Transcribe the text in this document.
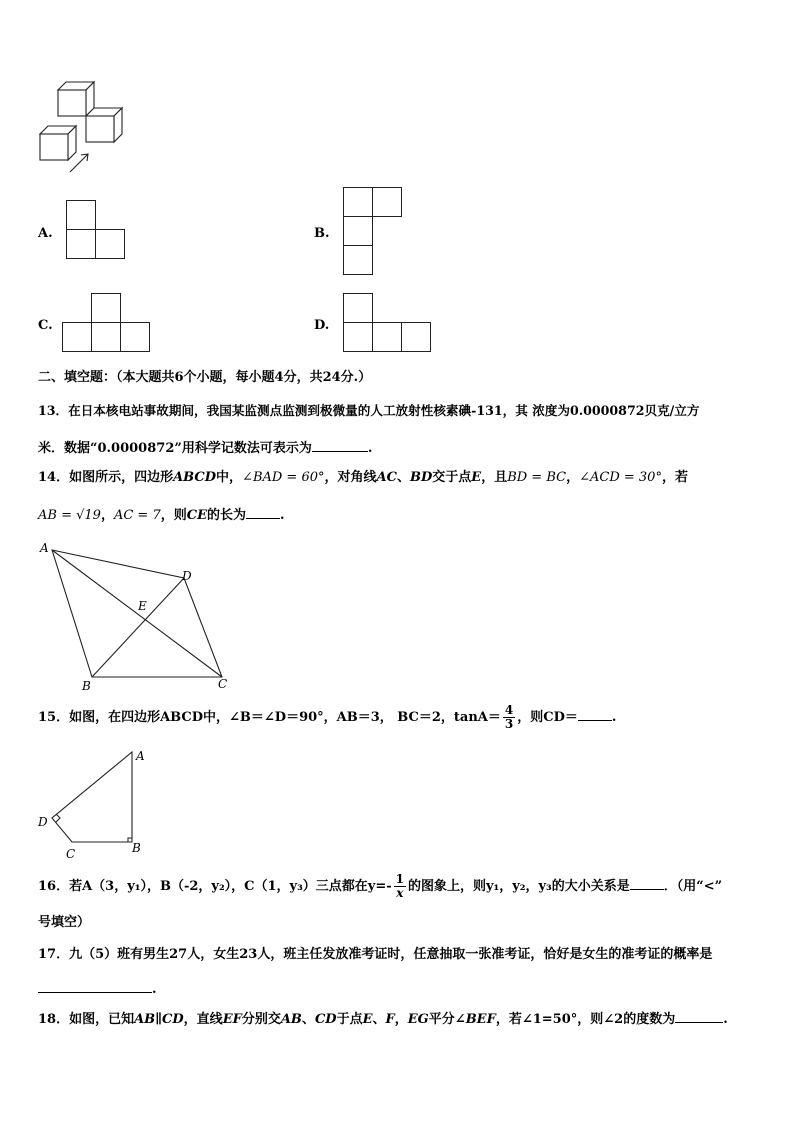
A.	B.
C.	D.
二、填空题：（本大题共6个小题，每小题4分，共24分.）
13．在日本核电站事故期间，我国某监测点监测到极微量的人工放射性核素碘-131，其 浓度为0.0000872贝克/立方
米．数据“0.0000872”用科学记数法可表示为	.
14．如图所示，四边形ABCD中，∠BAD = 60°，对角线AC、BD交于点E，且BD = BC，∠ACD = 30°，若
AB = √19，AC = 7，则CE的长为	.
A
D
E
B	C
15．如图，在四边形ABCD中，∠B＝∠D＝90°，AB＝3， BC＝2，$\tan A= \frac{4}{3}$ ，则CD＝	.
A
D
C	B
16．若A（3，y₁），B（-2，y₂），C（1，y₃）三点都在$y=- \frac{1}{x}$ 的图象上，则y₁，y₂，y₃的大小关系是	．（用“<”
号填空）
17．九（5）班有男生27人，女生23人，班主任发放准考证时，任意抽取一张准考证，恰好是女生的准考证的概率是
.
18．如图，已知AB∥CD，直线EF分别交AB、CD于点E、F，EG平分∠BEF，若∠1=50°，则∠2的度数为	.
